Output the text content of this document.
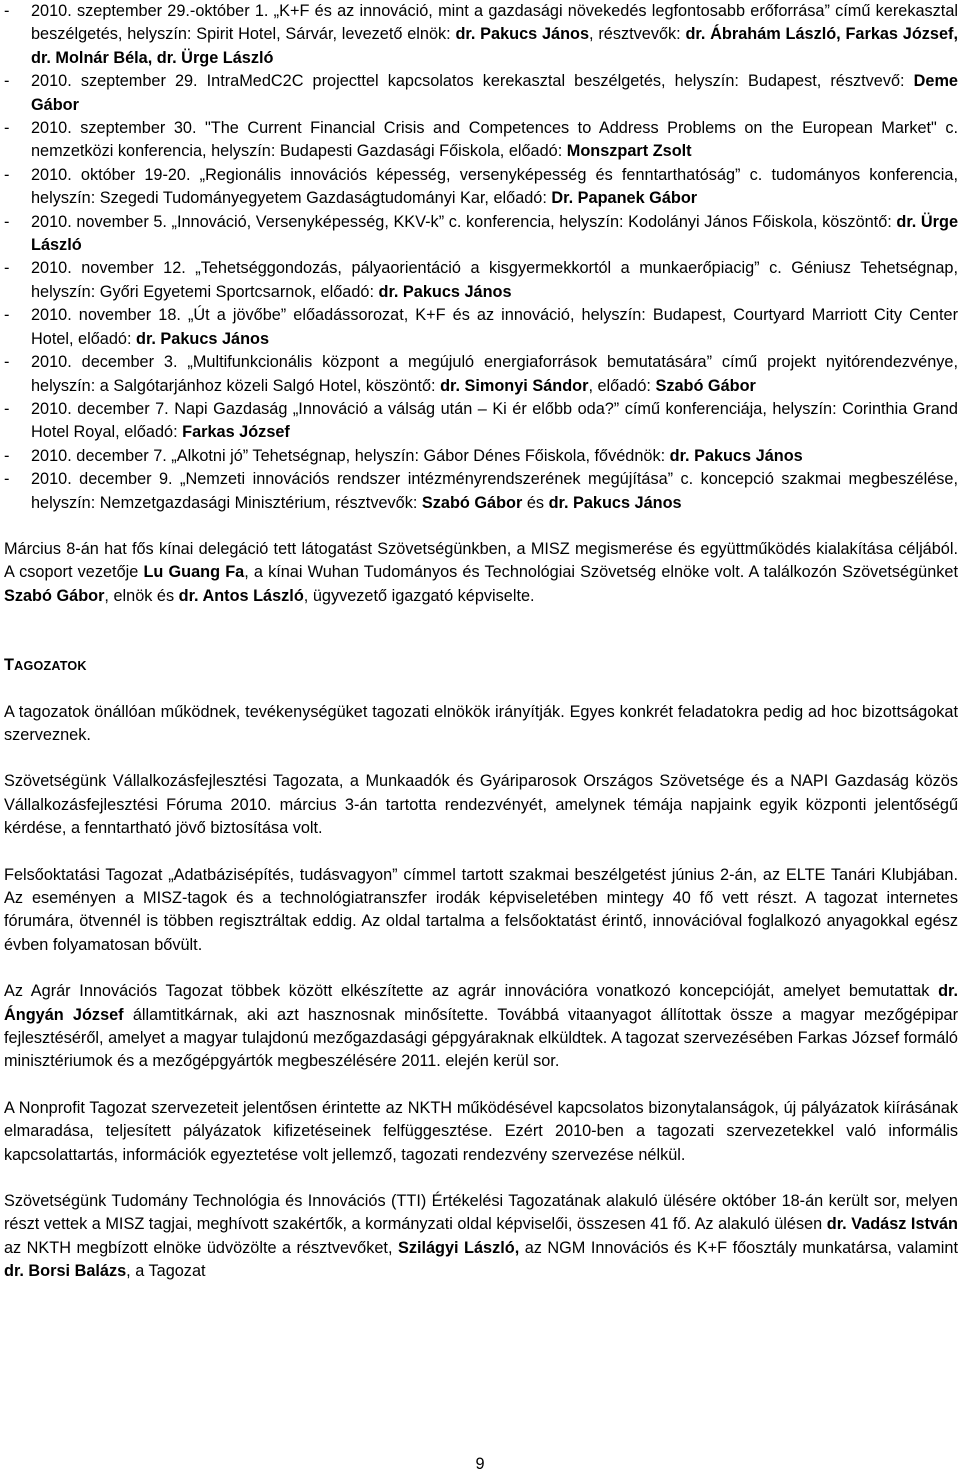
- 2010. szeptember 29.-október 1. „K+F és az innováció, mint a gazdasági növekedés legfontosabb erőforrása” című kerekasztal beszélgetés, helyszín: Spirit Hotel, Sárvár, levezető elnök: dr. Pakucs János, résztvevők: dr. Ábrahám László, Farkas József, dr. Molnár Béla, dr. Ürge László
- 2010. szeptember 29. IntraMedC2C projecttel kapcsolatos kerekasztal beszélgetés, helyszín: Budapest, résztvevő: Deme Gábor
- 2010. szeptember 30. "The Current Financial Crisis and Competences to Address Problems on the European Market" c. nemzetközi konferencia, helyszín: Budapesti Gazdasági Főiskola, előadó: Monszpart Zsolt
- 2010. október 19-20. „Regionális innovációs képesség, versenyképesség és fenntarthatóság” c. tudományos konferencia, helyszín: Szegedi Tudományegyetem Gazdaságtudományi Kar, előadó: Dr. Papanek Gábor
- 2010. november 5. „Innováció, Versenyképesség, KKV-k” c. konferencia, helyszín: Kodolányi János Főiskola, köszöntő: dr. Ürge László
- 2010. november 12. „Tehetséggondozás, pályaorientáció a kisgyermekkortól a munkaerőpiacig” c. Géniusz Tehetségnap, helyszín: Győri Egyetemi Sportcsarnok, előadó: dr. Pakucs János
- 2010. november 18. „Út a jövőbe” előadássorozat, K+F és az innováció, helyszín: Budapest, Courtyard Marriott City Center Hotel, előadó: dr. Pakucs János
- 2010. december 3. „Multifunkcionális központ a megújuló energiaforrások bemutatására” című projekt nyitórendezvénye, helyszín: a Salgótarjánhoz közeli Salgó Hotel, köszöntő: dr. Simonyi Sándor, előadó: Szabó Gábor
- 2010. december 7. Napi Gazdaság „Innováció a válság után – Ki ér előbb oda?” című konferenciája, helyszín: Corinthia Grand Hotel Royal, előadó: Farkas József
- 2010. december 7. „Alkotni jó” Tehetségnap, helyszín: Gábor Dénes Főiskola, fővédnök: dr. Pakucs János
- 2010. december 9. „Nemzeti innovációs rendszer intézményrendszerének megújítása” c. koncepció szakmai megbeszélése, helyszín: Nemzetgazdasági Minisztérium, résztvevők: Szabó Gábor és dr. Pakucs János

Március 8-án hat fős kínai delegáció tett látogatást Szövetségünkben, a MISZ megismerése és együttműködés kialakítása céljából. A csoport vezetője Lu Guang Fa, a kínai Wuhan Tudományos és Technológiai Szövetség elnöke volt. A találkozón Szövetségünket Szabó Gábor, elnök és dr. Antos László, ügyvezető igazgató képviselte.

TAGOZATOK

A tagozatok önállóan működnek, tevékenységüket tagozati elnökök irányítják. Egyes konkrét feladatokra pedig ad hoc bizottságokat szerveznek.

Szövetségünk Vállalkozásfejlesztési Tagozata, a Munkaadók és Gyáriparosok Országos Szövetsége és a NAPI Gazdaság közös Vállalkozásfejlesztési Fóruma 2010. március 3-án tartotta rendezvényét, amelynek témája napjaink egyik központi jelentőségű kérdése, a fenntartható jövő biztosítása volt.

Felsőoktatási Tagozat „Adatbázisépítés, tudásvagyon” címmel tartott szakmai beszélgetést június 2-án, az ELTE Tanári Klubjában. Az eseményen a MISZ-tagok és a technológiatranszfer irodák képviseletében mintegy 40 fő vett részt. A tagozat internetes fórumára, ötvennél is többen regisztráltak eddig. Az oldal tartalma a felsőoktatást érintő, innovációval foglalkozó anyagokkal egész évben folyamatosan bővült.

Az Agrár Innovációs Tagozat többek között elkészítette az agrár innovációra vonatkozó koncepcióját, amelyet bemutattak dr. Ángyán József államtitkárnak, aki azt hasznosnak minősítette. Továbbá vitaanyagot állítottak össze a magyar mezőgépipar fejlesztéséről, amelyet a magyar tulajdonú mezőgazdasági gépgyáraknak elküldtek. A tagozat szervezésében Farkas József formáló minisztériumok és a mezőgépgyártók megbeszélésére 2011. elején kerül sor.

A Nonprofit Tagozat szervezeteit jelentősen érintette az NKTH működésével kapcsolatos bizonytalanságok, új pályázatok kiírásának elmaradása, teljesített pályázatok kifizetéseinek felfüggesztése. Ezért 2010-ben a tagozati szervezetekkel való informális kapcsolattartás, információk egyeztetése volt jellemző, tagozati rendezvény szervezése nélkül.

Szövetségünk Tudomány Technológia és Innovációs (TTI) Értékelési Tagozatának alakuló ülésére október 18-án került sor, melyen részt vettek a MISZ tagjai, meghívott szakértők, a kormányzati oldal képviselői, összesen 41 fő. Az alakuló ülésen dr. Vadász István az NKTH megbízott elnöke üdvözölte a résztvevőket, Szilágyi László, az NGM Innovációs és K+F főosztály munkatársa, valamint dr. Borsi Balázs, a Tagozat

9
